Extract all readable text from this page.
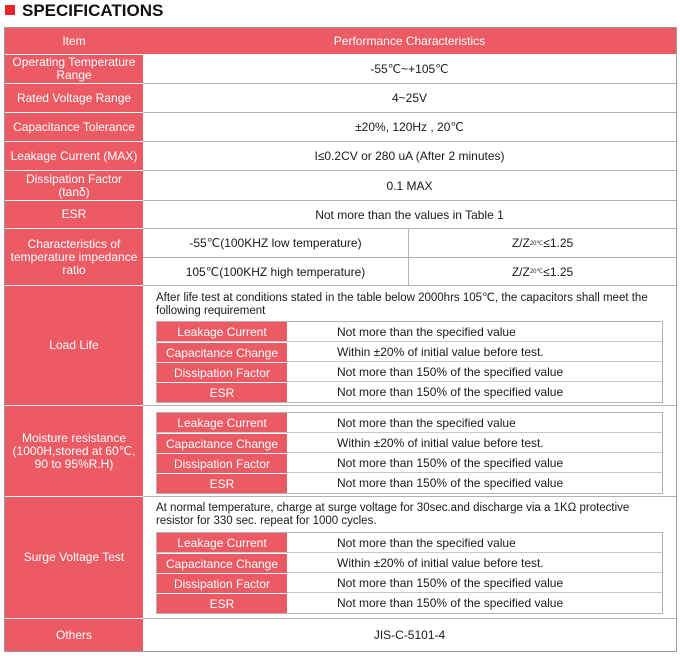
SPECIFICATIONS
Item	Performance Characteristics
Operating Temperature Range	-55℃~+105℃
Rated Voltage Range	4~25V
Capacitance Tolerance	±20%, 120Hz , 20℃
Leakage Current (MAX)	I≤0.2CV or 280 uA (After 2 minutes)
Dissipation Factor (tanδ)	0.1 MAX
ESR	Not more than the values in Table 1
Characteristics of temperature impedance ratio
-55℃(100KHZ low temperature)	Z/Z 20℃ ≤1.25
105℃(100KHZ high temperature)	Z/Z 20℃ ≤1.25
Load Life
After life test at conditions stated in the table below 2000hrs 105℃, the capacitors shall meet the following requirement
Leakage Current	Not more than the specified value
Capacitance Change	Within ±20% of initial value before test.
Dissipation Factor	Not more than 150% of the specified value
ESR	Not more than 150% of the specified value
Moisture resistance (1000H,stored at 60℃, 90 to 95%R.H)
Leakage Current	Not more than the specified value
Capacitance Change	Within ±20% of initial value before test.
Dissipation Factor	Not more than 150% of the specified value
ESR	Not more than 150% of the specified value
Surge Voltage Test
At normal temperature, charge at surge voltage for 30sec.and discharge via a 1KΩ protective resistor for 330 sec. repeat for 1000 cycles.
Leakage Current	Not more than the specified value
Capacitance Change	Within ±20% of initial value before test.
Dissipation Factor	Not more than 150% of the specified value
ESR	Not more than 150% of the specified value
Others	JIS-C-5101-4
